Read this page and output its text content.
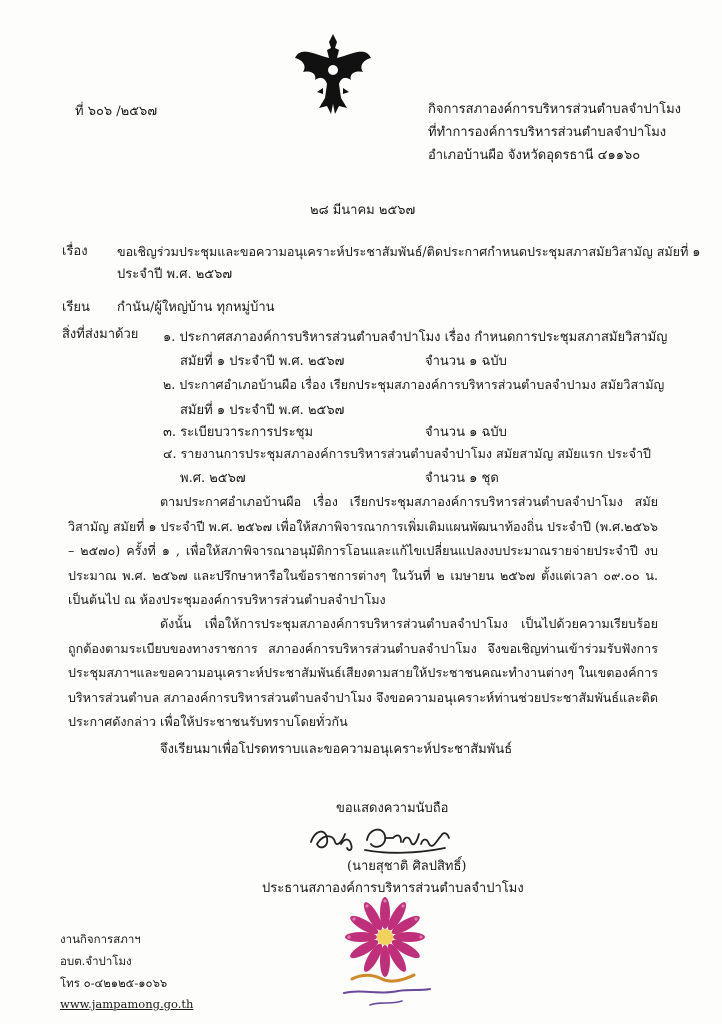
ที่ ๖๐๖ /๒๕๖๗	กิจการสภาองค์การบริหารส่วนตำบลจำปาโมง
ที่ทำการองค์การบริหารส่วนตำบลจำปาโมง
อำเภอบ้านผือ จังหวัดอุดรธานี ๔๑๑๖๐
๒๘ มีนาคม ๒๕๖๗
เรื่อง ขอเชิญร่วมประชุมและขอความอนุเคราะห์ประชาสัมพันธ์/ติดประกาศกำหนดประชุมสภาสมัยวิสามัญ สมัยที่ ๑
ประจำปี พ.ศ. ๒๕๖๗
เรียน กำนัน/ผู้ใหญ่บ้าน ทุกหมู่บ้าน
สิ่งที่ส่งมาด้วย ๑. ประกาศสภาองค์การบริหารส่วนตำบลจำปาโมง เรื่อง กำหนดการประชุมสภาสมัยวิสามัญ
สมัยที่ ๑ ประจำปี พ.ศ. ๒๕๖๗	จำนวน ๑ ฉบับ
๒. ประกาศอำเภอบ้านผือ เรื่อง เรียกประชุมสภาองค์การบริหารส่วนตำบลจำปามง สมัยวิสามัญ
สมัยที่ ๑ ประจำปี พ.ศ. ๒๕๖๗
๓. ระเบียบวาระการประชุม	จำนวน ๑ ฉบับ
๔. รายงานการประชุมสภาองค์การบริหารส่วนตำบลจำปาโมง สมัยสามัญ สมัยแรก ประจำปี
พ.ศ. ๒๕๖๗	จำนวน ๑ ชุด
ตามประกาศอำเภอบ้านผือ เรื่อง เรียกประชุมสภาองค์การบริหารส่วนตำบลจำปาโมง สมัยวิสามัญ สมัยที่ ๑ ประจำปี พ.ศ. ๒๕๖๗ เพื่อให้สภาพิจารณาการเพิ่มเติมแผนพัฒนาท้องถิ่น ประจำปี (พ.ศ.๒๕๖๖ – ๒๕๗๐) ครั้งที่ ๑ , เพื่อให้สภาพิจารณาอนุมัติการโอนและแก้ไขเปลี่ยนแปลงงบประมาณรายจ่ายประจำปี งบประมาณ พ.ศ. ๒๕๖๗ และปรึกษาหารือในข้อราชการต่างๆ ในวันที่ ๒ เมษายน ๒๕๖๗ ตั้งแต่เวลา ๐๙.๐๐ น. เป็นต้นไป ณ ห้องประชุมองค์การบริหารส่วนตำบลจำปาโมง
ดังนั้น เพื่อให้การประชุมสภาองค์การบริหารส่วนตำบลจำปาโมง เป็นไปด้วยความเรียบร้อย ถูกต้องตามระเบียบของทางราชการ สภาองค์การบริหารส่วนตำบลจำปาโมง จึงขอเชิญท่านเข้าร่วมรับฟังการประชุมสภาฯและขอความอนุเคราะห์ประชาสัมพันธ์เสียงตามสายให้ประชาชนคณะทำงานต่างๆ ในเขตองค์การบริหารส่วนตำบล สภาองค์การบริหารส่วนตำบลจำปาโมง จึงขอความอนุเคราะห์ท่านช่วยประชาสัมพันธ์และติดประกาศดังกล่าว เพื่อให้ประชาชนรับทราบโดยทั่วกัน
จึงเรียนมาเพื่อโปรดทราบและขอความอนุเคราะห์ประชาสัมพันธ์
ขอแสดงความนับถือ
(นายสุชาติ ศิลปสิทธิ์)
ประธานสภาองค์การบริหารส่วนตำบลจำปาโมง
งานกิจการสภาฯ
อบต.จำปาโมง
โทร ๐-๔๒๑๒๕-๑๐๖๖
www.jampamong.go.th
